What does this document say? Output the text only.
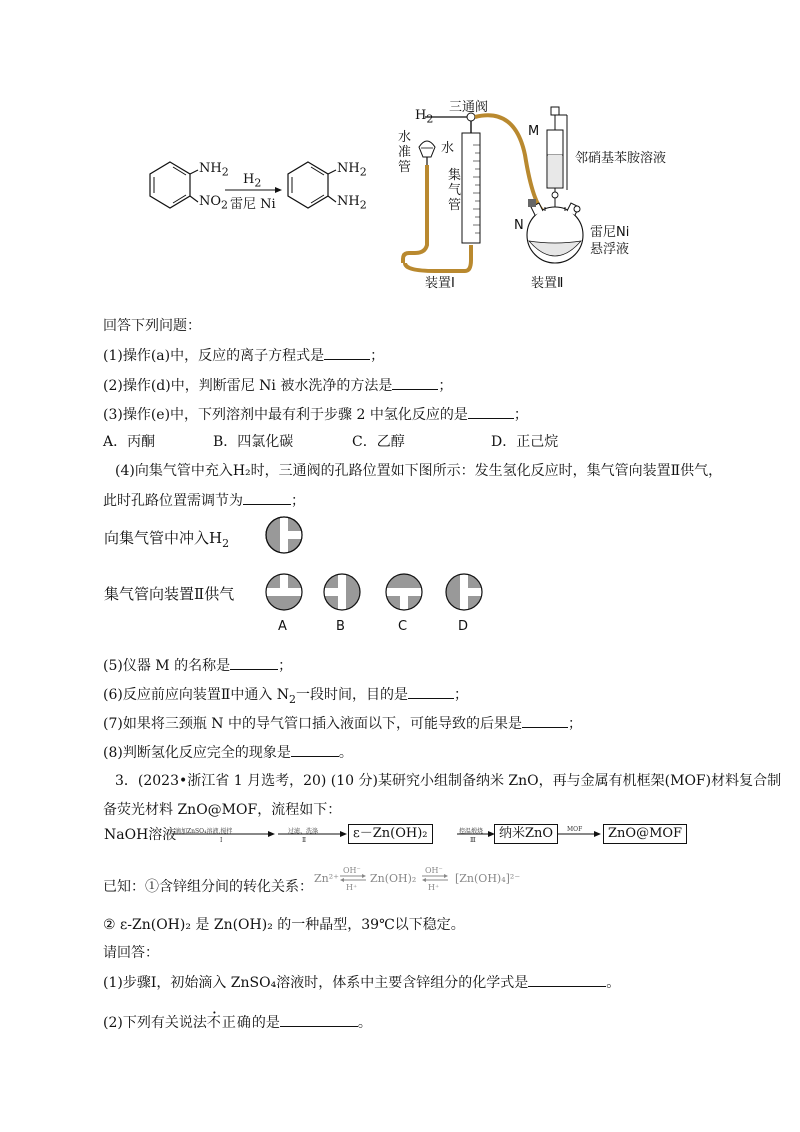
$NH_2$
$NO_2$
$H_2$
雷尼 Ni
$NH_2$
$NH_2$
$H_2$
三通阀
水
水准管
集气管
M
邻硝基苯胺溶液
N	雷尼Ni
悬浮液
装置Ⅰ	装置Ⅱ
回答下列问题：
(1)操作(a)中，反应的离子方程式是	；
(2)操作(d)中，判断雷尼 Ni 被水洗净的方法是	；
(3)操作(e)中，下列溶剂中最有利于步骤 2 中氢化反应的是	；
A．丙酮	B．四氯化碳	C．乙醇	D．正己烷
(4)向集气管中充入H₂时，三通阀的孔路位置如下图所示：发生氢化反应时，集气管向装置Ⅱ供气，
此时孔路位置需调节为	；
向集气管中冲入$H_2$
集气管向装置Ⅱ供气
A	B	C	D
(5)仪器 M 的名称是	；
(6)反应前应向装置Ⅱ中通入 $N_2$一段时间，目的是	；
(7)如果将三颈瓶 N 中的导气管口插入液面以下，可能导致的后果是	；
(8)判断氢化反应完全的现象是	。
3．(2023•浙江省 1 月选考，20) (10 分)某研究小组制备纳米 ZnO，再与金属有机框架(MOF)材料复合制
备荧光材料 ZnO@MOF，流程如下：
NaOH溶液
滴加ZnSO₄溶液,搅拌
Ⅰ
过滤、洗涤
Ⅱ	ε－Zn(OH)₂	控温煅烧
Ⅲ	纳米ZnO	MOF	ZnO@MOF
已知：①含锌组分间的转化关系：
Zn²⁺
OH⁻
H⁺
Zn(OH)₂
OH⁻
H⁺
[Zn(OH)₄]²⁻
② ε-Zn(OH)₂ 是 Zn(OH)₂ 的一种晶型，39℃以下稳定。
请回答：
(1)步骤Ⅰ，初始滴入 ZnSO₄溶液时，体系中主要含锌组分的化学式是	。
(2)下列有关说法不正确的是	。
